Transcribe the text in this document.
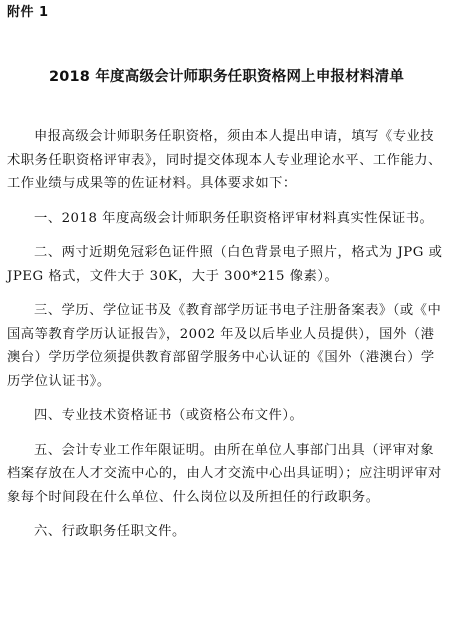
附件 1
2018 年度高级会计师职务任职资格网上申报材料清单

申报高级会计师职务任职资格，须由本人提出申请，填写《专业技术职务任职资格评审表》，同时提交体现本人专业理论水平、工作能力、工作业绩与成果等的佐证材料。具体要求如下：

一、2018 年度高级会计师职务任职资格评审材料真实性保证书。

二、两寸近期免冠彩色证件照（白色背景电子照片，格式为 JPG 或 JPEG 格式，文件大于 30K，大于 300*215 像素）。

三、学历、学位证书及《教育部学历证书电子注册备案表》（或《中国高等教育学历认证报告》，2002 年及以后毕业人员提供），国外（港澳台）学历学位须提供教育部留学服务中心认证的《国外（港澳台）学历学位认证书》。

四、专业技术资格证书（或资格公布文件）。

五、会计专业工作年限证明。由所在单位人事部门出具（评审对象档案存放在人才交流中心的，由人才交流中心出具证明）；应注明评审对象每个时间段在什么单位、什么岗位以及所担任的行政职务。

六、行政职务任职文件。
